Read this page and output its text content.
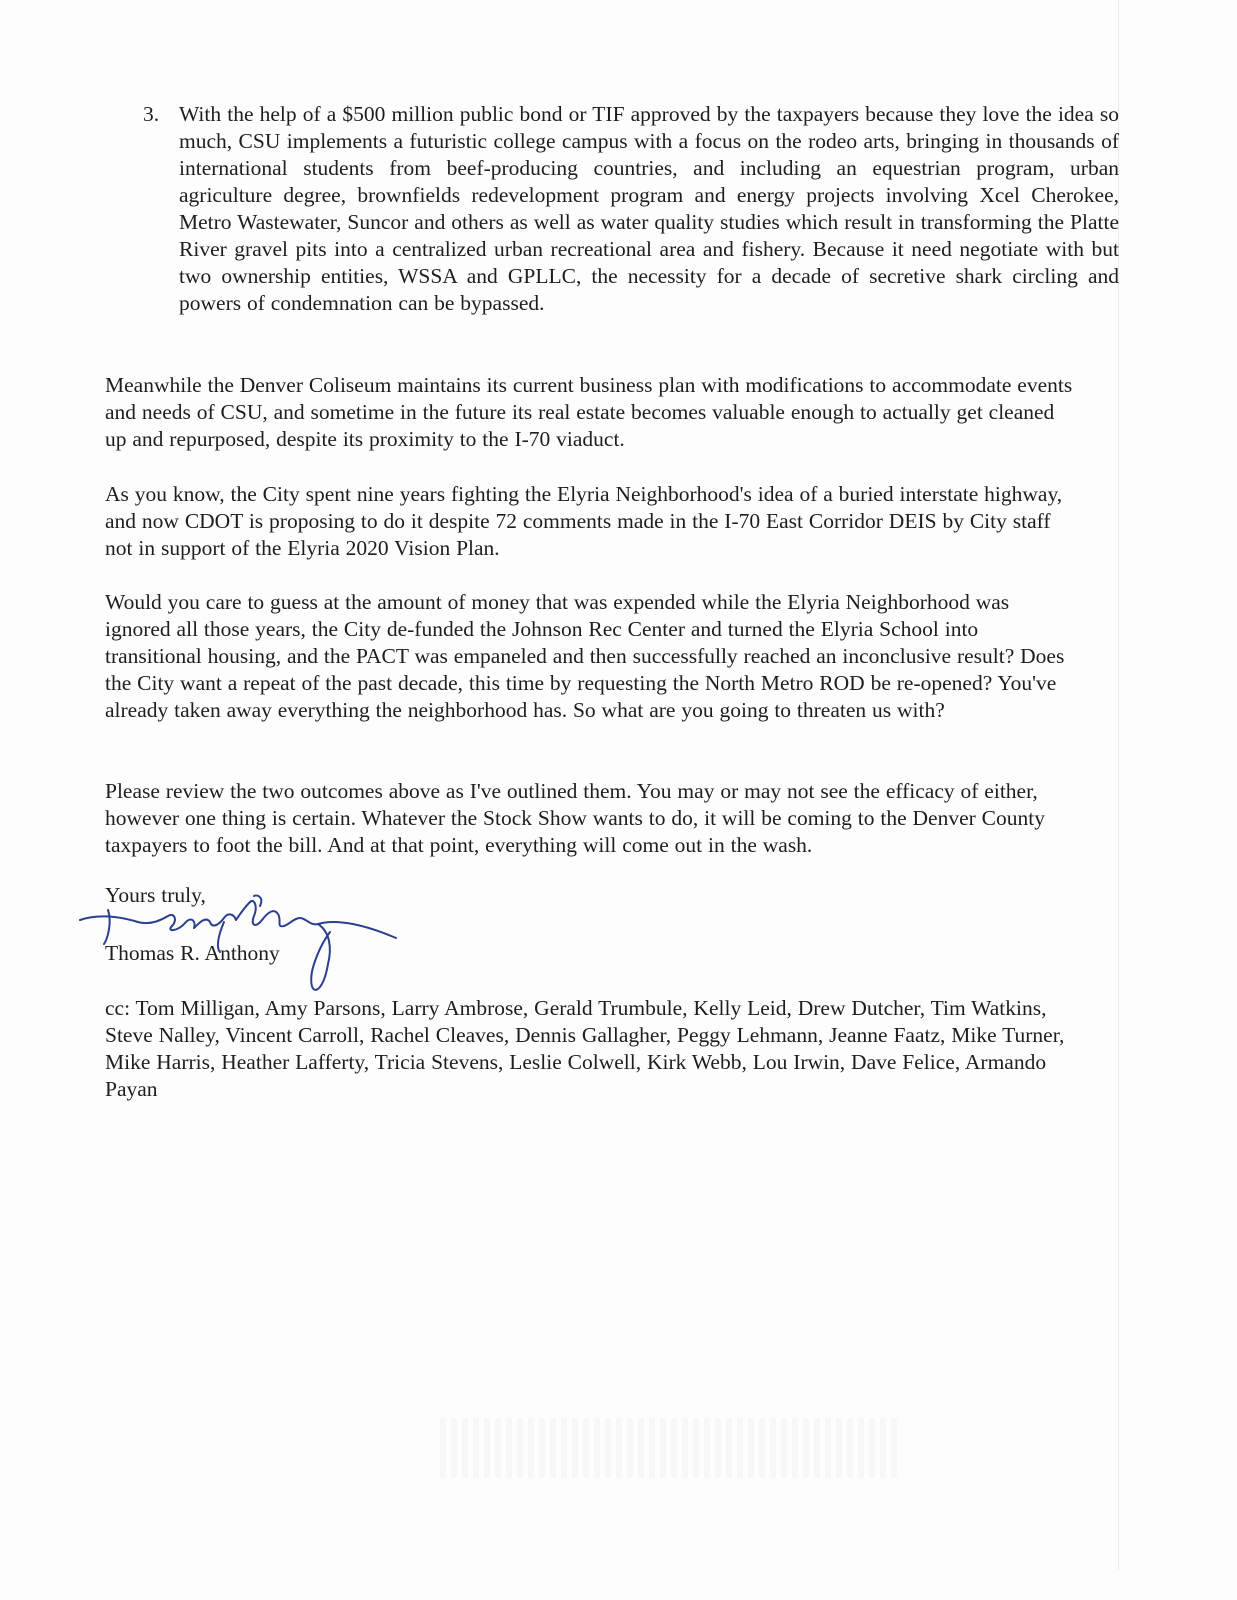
3. With the help of a $500 million public bond or TIF approved by the taxpayers because they love the idea so much, CSU implements a futuristic college campus with a focus on the rodeo arts, bringing in thousands of international students from beef-producing countries, and including an equestrian program, urban agriculture degree, brownfields redevelopment program and energy projects involving Xcel Cherokee, Metro Wastewater, Suncor and others as well as water quality studies which result in transforming the Platte River gravel pits into a centralized urban recreational area and fishery. Because it need negotiate with but two ownership entities, WSSA and GPLLC, the necessity for a decade of secretive shark circling and powers of condemnation can be bypassed.

Meanwhile the Denver Coliseum maintains its current business plan with modifications to accommodate events and needs of CSU, and sometime in the future its real estate becomes valuable enough to actually get cleaned up and repurposed, despite its proximity to the I-70 viaduct.

As you know, the City spent nine years fighting the Elyria Neighborhood's idea of a buried interstate highway, and now CDOT is proposing to do it despite 72 comments made in the I-70 East Corridor DEIS by City staff not in support of the Elyria 2020 Vision Plan.

Would you care to guess at the amount of money that was expended while the Elyria Neighborhood was ignored all those years, the City de-funded the Johnson Rec Center and turned the Elyria School into transitional housing, and the PACT was empaneled and then successfully reached an inconclusive result? Does the City want a repeat of the past decade, this time by requesting the North Metro ROD be re-opened? You've already taken away everything the neighborhood has. So what are you going to threaten us with?

Please review the two outcomes above as I've outlined them. You may or may not see the efficacy of either, however one thing is certain. Whatever the Stock Show wants to do, it will be coming to the Denver County taxpayers to foot the bill. And at that point, everything will come out in the wash.

Yours truly,
Thomas R. Anthony
cc: Tom Milligan, Amy Parsons, Larry Ambrose, Gerald Trumbule, Kelly Leid, Drew Dutcher, Tim Watkins, Steve Nalley, Vincent Carroll, Rachel Cleaves, Dennis Gallagher, Peggy Lehmann, Jeanne Faatz, Mike Turner, Mike Harris, Heather Lafferty, Tricia Stevens, Leslie Colwell, Kirk Webb, Lou Irwin, Dave Felice, Armando Payan
